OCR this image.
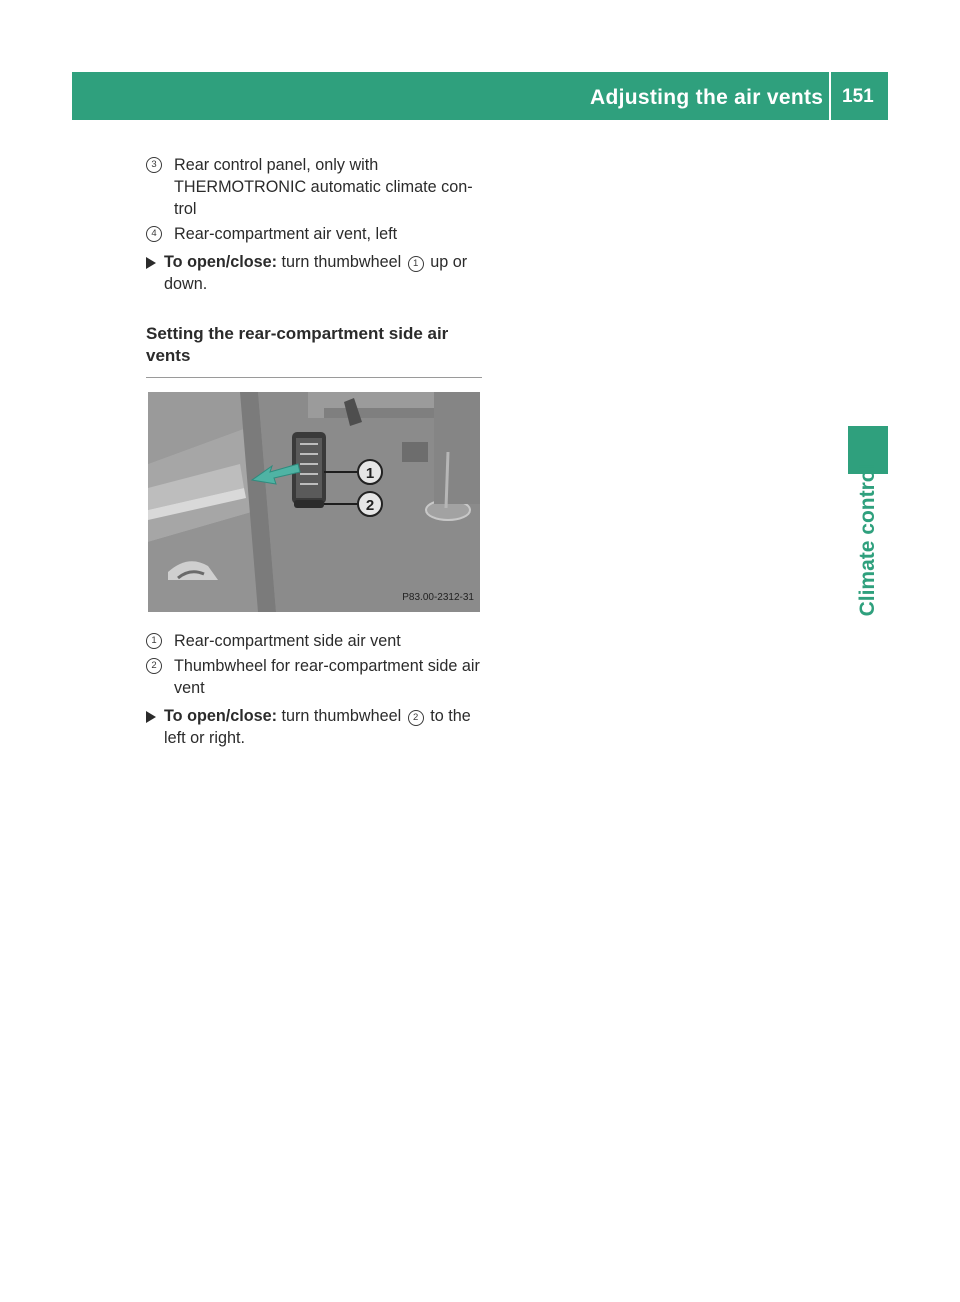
Adjusting the air vents 151
Climate control
3	Rear control panel, only with THERMOTRONIC automatic climate con-trol
4	Rear-compartment air vent, left
To open/close: turn thumbwheel 1 up or down.
Setting the rear-compartment side air vents
1
2
P83.00-2312-31
1	Rear-compartment side air vent
2	Thumbwheel for rear-compartment side air vent
To open/close: turn thumbwheel 2 to the left or right.
